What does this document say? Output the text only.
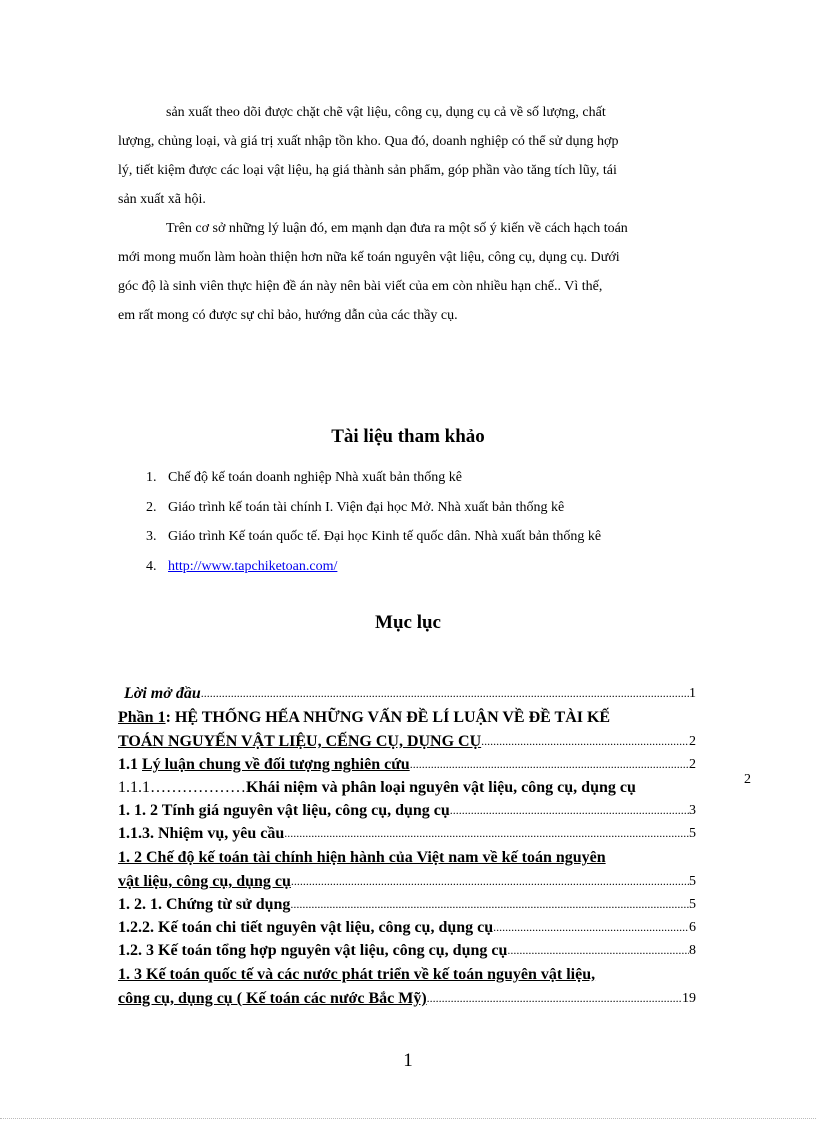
sản xuất theo dõi được chặt chẽ vật liệu, công cụ, dụng cụ cả về số lượng, chất
lượng, chủng loại, và giá trị xuất nhập tồn kho. Qua đó, doanh nghiệp có thể sử dụng hợp
lý, tiết kiệm được các loại vật liệu, hạ giá thành sản phẩm, góp phần vào tăng tích lũy, tái
sản xuất xã hội.
Trên cơ sở những lý luận đó, em mạnh dạn đưa ra một số ý kiến về cách hạch toán
mới mong muốn làm hoàn thiện hơn nữa kế toán nguyên vật liệu, công cụ, dụng cụ. Dưới
góc độ là sinh viên thực hiện đề án này nên bài viết của em còn nhiều hạn chế.. Vì thế,
em rất mong có được sự chỉ bảo, hướng dẫn của các thầy cụ.
Tài liệu tham khảo
1. Chế độ kế toán doanh nghiệp Nhà xuất bản thống kê
2. Giáo trình kế toán tài chính I. Viện đại học Mở. Nhà xuất bản thống kê
3. Giáo trình Kế toán quốc tế. Đại học Kinh tế quốc dân. Nhà xuất bản thống kê
4. http://www.tapchiketoan.com/
Mục lục
Lời mở đầu .....	1
Phần 1: HỆ THỐNG HẾA NHỮNG VẤN ĐỀ LÍ LUẬN VỀ ĐỀ TÀI KẾ
TOÁN NGUYẾN VẬT LIỆU, CẾNG CỤ, DỤNG CỤ .....	2
1.1 Lý luận chung về đối tượng nghiên cứu .....	2
1.1.1………………Khái niệm và phân loại nguyên vật liệu, công cụ, dụng cụ
1. 1. 2 Tính giá nguyên vật liệu, công cụ, dụng cụ .....	3
1.1.3. Nhiệm vụ, yêu cầu .....	5
1. 2 Chế độ kế toán tài chính hiện hành của Việt nam về kế toán nguyên
vật liệu, công cụ, dụng cụ .....	5
1. 2. 1. Chứng từ sử dụng .....	5
1.2.2. Kế toán chi tiết nguyên vật liệu, công cụ, dụng cụ .....	6
1.2. 3 Kế toán tổng hợp nguyên vật liệu, công cụ, dụng cụ .....	8
1. 3 Kế toán quốc tế và các nước phát triển về kế toán nguyên vật liệu,
công cụ, dụng cụ ( Kế toán các nước Bắc Mỹ) .....	19
2
1
